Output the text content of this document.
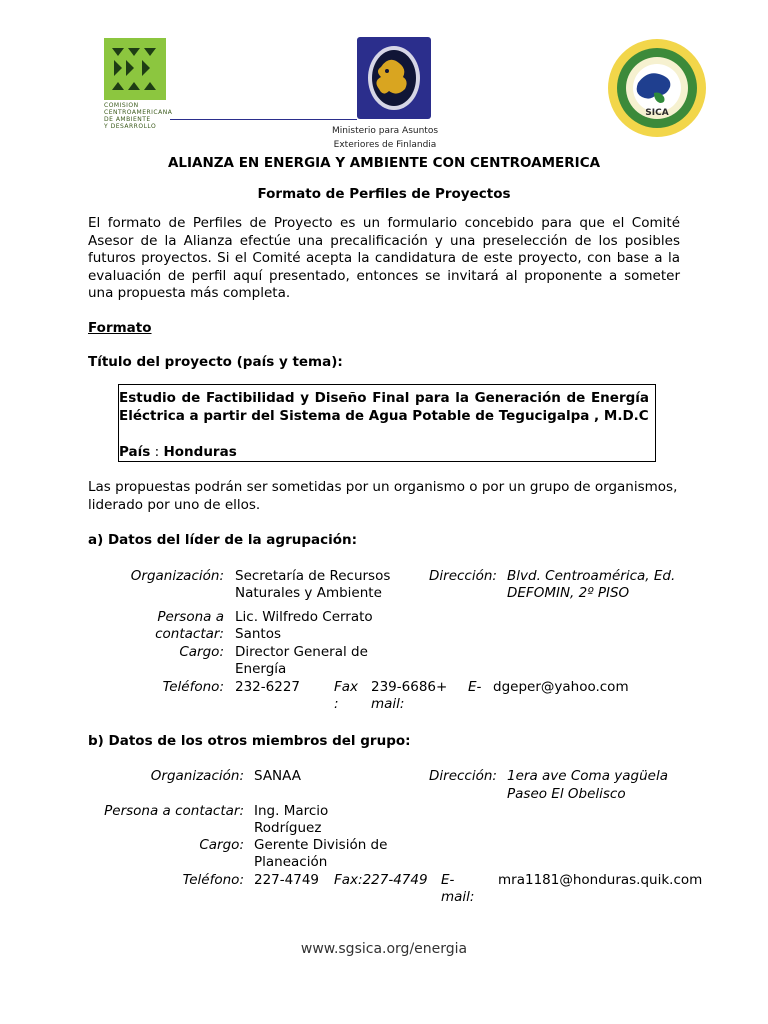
COMISION
CENTROAMERICANA
DE AMBIENTE
Y DESARROLLO
SICA
Ministerio para Asuntos
Exteriores de Finlandia
ALIANZA EN ENERGIA Y AMBIENTE CON CENTROAMERICA
Formato de Perfiles de Proyectos
El formato de Perfiles de Proyecto es un formulario concebido para que el Comité Asesor de la Alianza efectúe una precalificación y una preselección de los posibles futuros proyectos. Si el Comité acepta la candidatura de este proyecto, con base a la evaluación de perfil aquí presentado, entonces se invitará al proponente a someter una propuesta más completa.
Formato
Título del proyecto (país y tema):
Estudio de Factibilidad y Diseño Final para la Generación de Energía Eléctrica a partir del Sistema de Agua Potable de Tegucigalpa , M.D.C
País : Honduras
Las propuestas podrán ser sometidas por un organismo o por un grupo de organismos, liderado por uno de ellos.
a) Datos del líder de la agrupación:
Organización: Secretaría de Recursos
Naturales y Ambiente
Dirección: Blvd. Centroamérica, Ed.
DEFOMIN, 2º PISO
Persona a
contactar:
Lic. Wilfredo Cerrato
Santos
Cargo: Director General de
Energía
Teléfono: 232-6227	Fax
:
239-6686+ E-
mail:
dgeper@yahoo.com
b) Datos de los otros miembros del grupo:
Organización: SANAA	Dirección: 1era ave Coma yagüela
Paseo El Obelisco
Persona a contactar: Ing. Marcio
Rodríguez
Cargo: Gerente División de
Planeación
Teléfono: 227-4749 Fax:227-4749 E-
mail:
mra1181@honduras.quik.com
www.sgsica.org/energia
